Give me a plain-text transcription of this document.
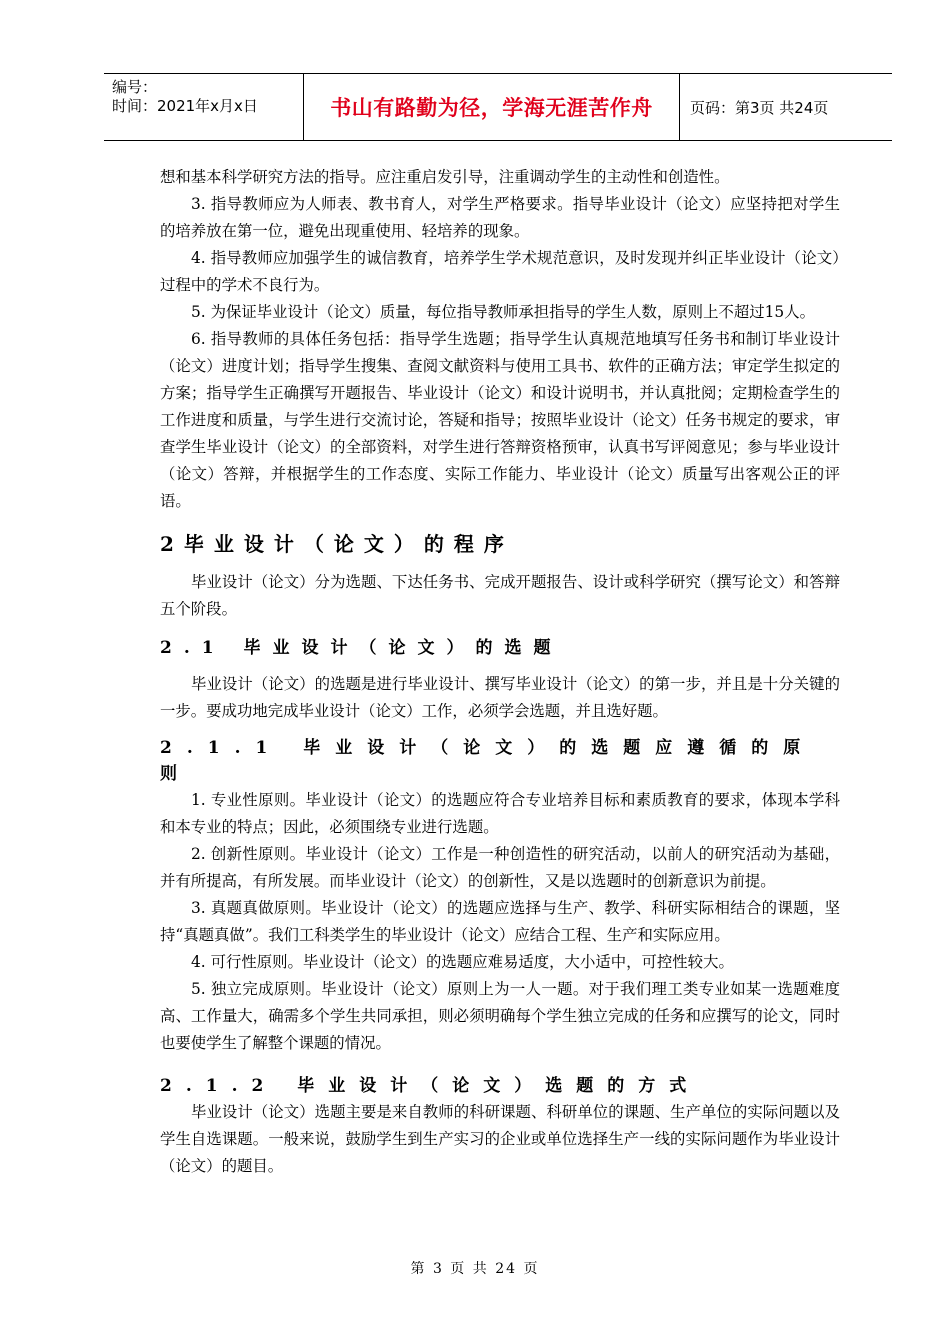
编号：
时间：2021年x月x日	书山有路勤为径，学海无涯苦作舟 页码：第3页 共24页

想和基本科学研究方法的指导。应注重启发引导，注重调动学生的主动性和创造性。

3. 指导教师应为人师表、教书育人，对学生严格要求。指导毕业设计（论文）应坚持把对学生的培养放在第一位，避免出现重使用、轻培养的现象。

4. 指导教师应加强学生的诚信教育，培养学生学术规范意识，及时发现并纠正毕业设计（论文）过程中的学术不良行为。

5. 为保证毕业设计（论文）质量，每位指导教师承担指导的学生人数，原则上不超过15人。

6. 指导教师的具体任务包括：指导学生选题；指导学生认真规范地填写任务书和制订毕业设计（论文）进度计划；指导学生搜集、查阅文献资料与使用工具书、软件的正确方法；审定学生拟定的方案；指导学生正确撰写开题报告、毕业设计（论文）和设计说明书，并认真批阅；定期检查学生的工作进度和质量，与学生进行交流讨论，答疑和指导；按照毕业设计（论文）任务书规定的要求，审查学生毕业设计（论文）的全部资料，对学生进行答辩资格预审，认真书写评阅意见；参与毕业设计（论文）答辩，并根据学生的工作态度、实际工作能力、毕业设计（论文）质量写出客观公正的评语。

2毕业设计（论文）的程序

毕业设计（论文）分为选题、下达任务书、完成开题报告、设计或科学研究（撰写论文）和答辩五个阶段。

2.1 毕业设计（论文）的选题

毕业设计（论文）的选题是进行毕业设计、撰写毕业设计（论文）的第一步，并且是十分关键的一步。要成功地完成毕业设计（论文）工作，必须学会选题，并且选好题。

2.1.1 毕业设计（论文）的选题应遵循的原则

1. 专业性原则。毕业设计（论文）的选题应符合专业培养目标和素质教育的要求，体现本学科和本专业的特点；因此，必须围绕专业进行选题。

2. 创新性原则。毕业设计（论文）工作是一种创造性的研究活动，以前人的研究活动为基础，并有所提高，有所发展。而毕业设计（论文）的创新性，又是以选题时的创新意识为前提。

3. 真题真做原则。毕业设计（论文）的选题应选择与生产、教学、科研实际相结合的课题，坚持“真题真做”。我们工科类学生的毕业设计（论文）应结合工程、生产和实际应用。

4. 可行性原则。毕业设计（论文）的选题应难易适度，大小适中，可控性较大。

5. 独立完成原则。毕业设计（论文）原则上为一人一题。对于我们理工类专业如某一选题难度高、工作量大，确需多个学生共同承担，则必须明确每个学生独立完成的任务和应撰写的论文，同时也要使学生了解整个课题的情况。

2.1.2 毕业设计（论文）选题的方式

毕业设计（论文）选题主要是来自教师的科研课题、科研单位的课题、生产单位的实际问题以及学生自选课题。一般来说，鼓励学生到生产实习的企业或单位选择生产一线的实际问题作为毕业设计（论文）的题目。

第 3 页 共 24 页
